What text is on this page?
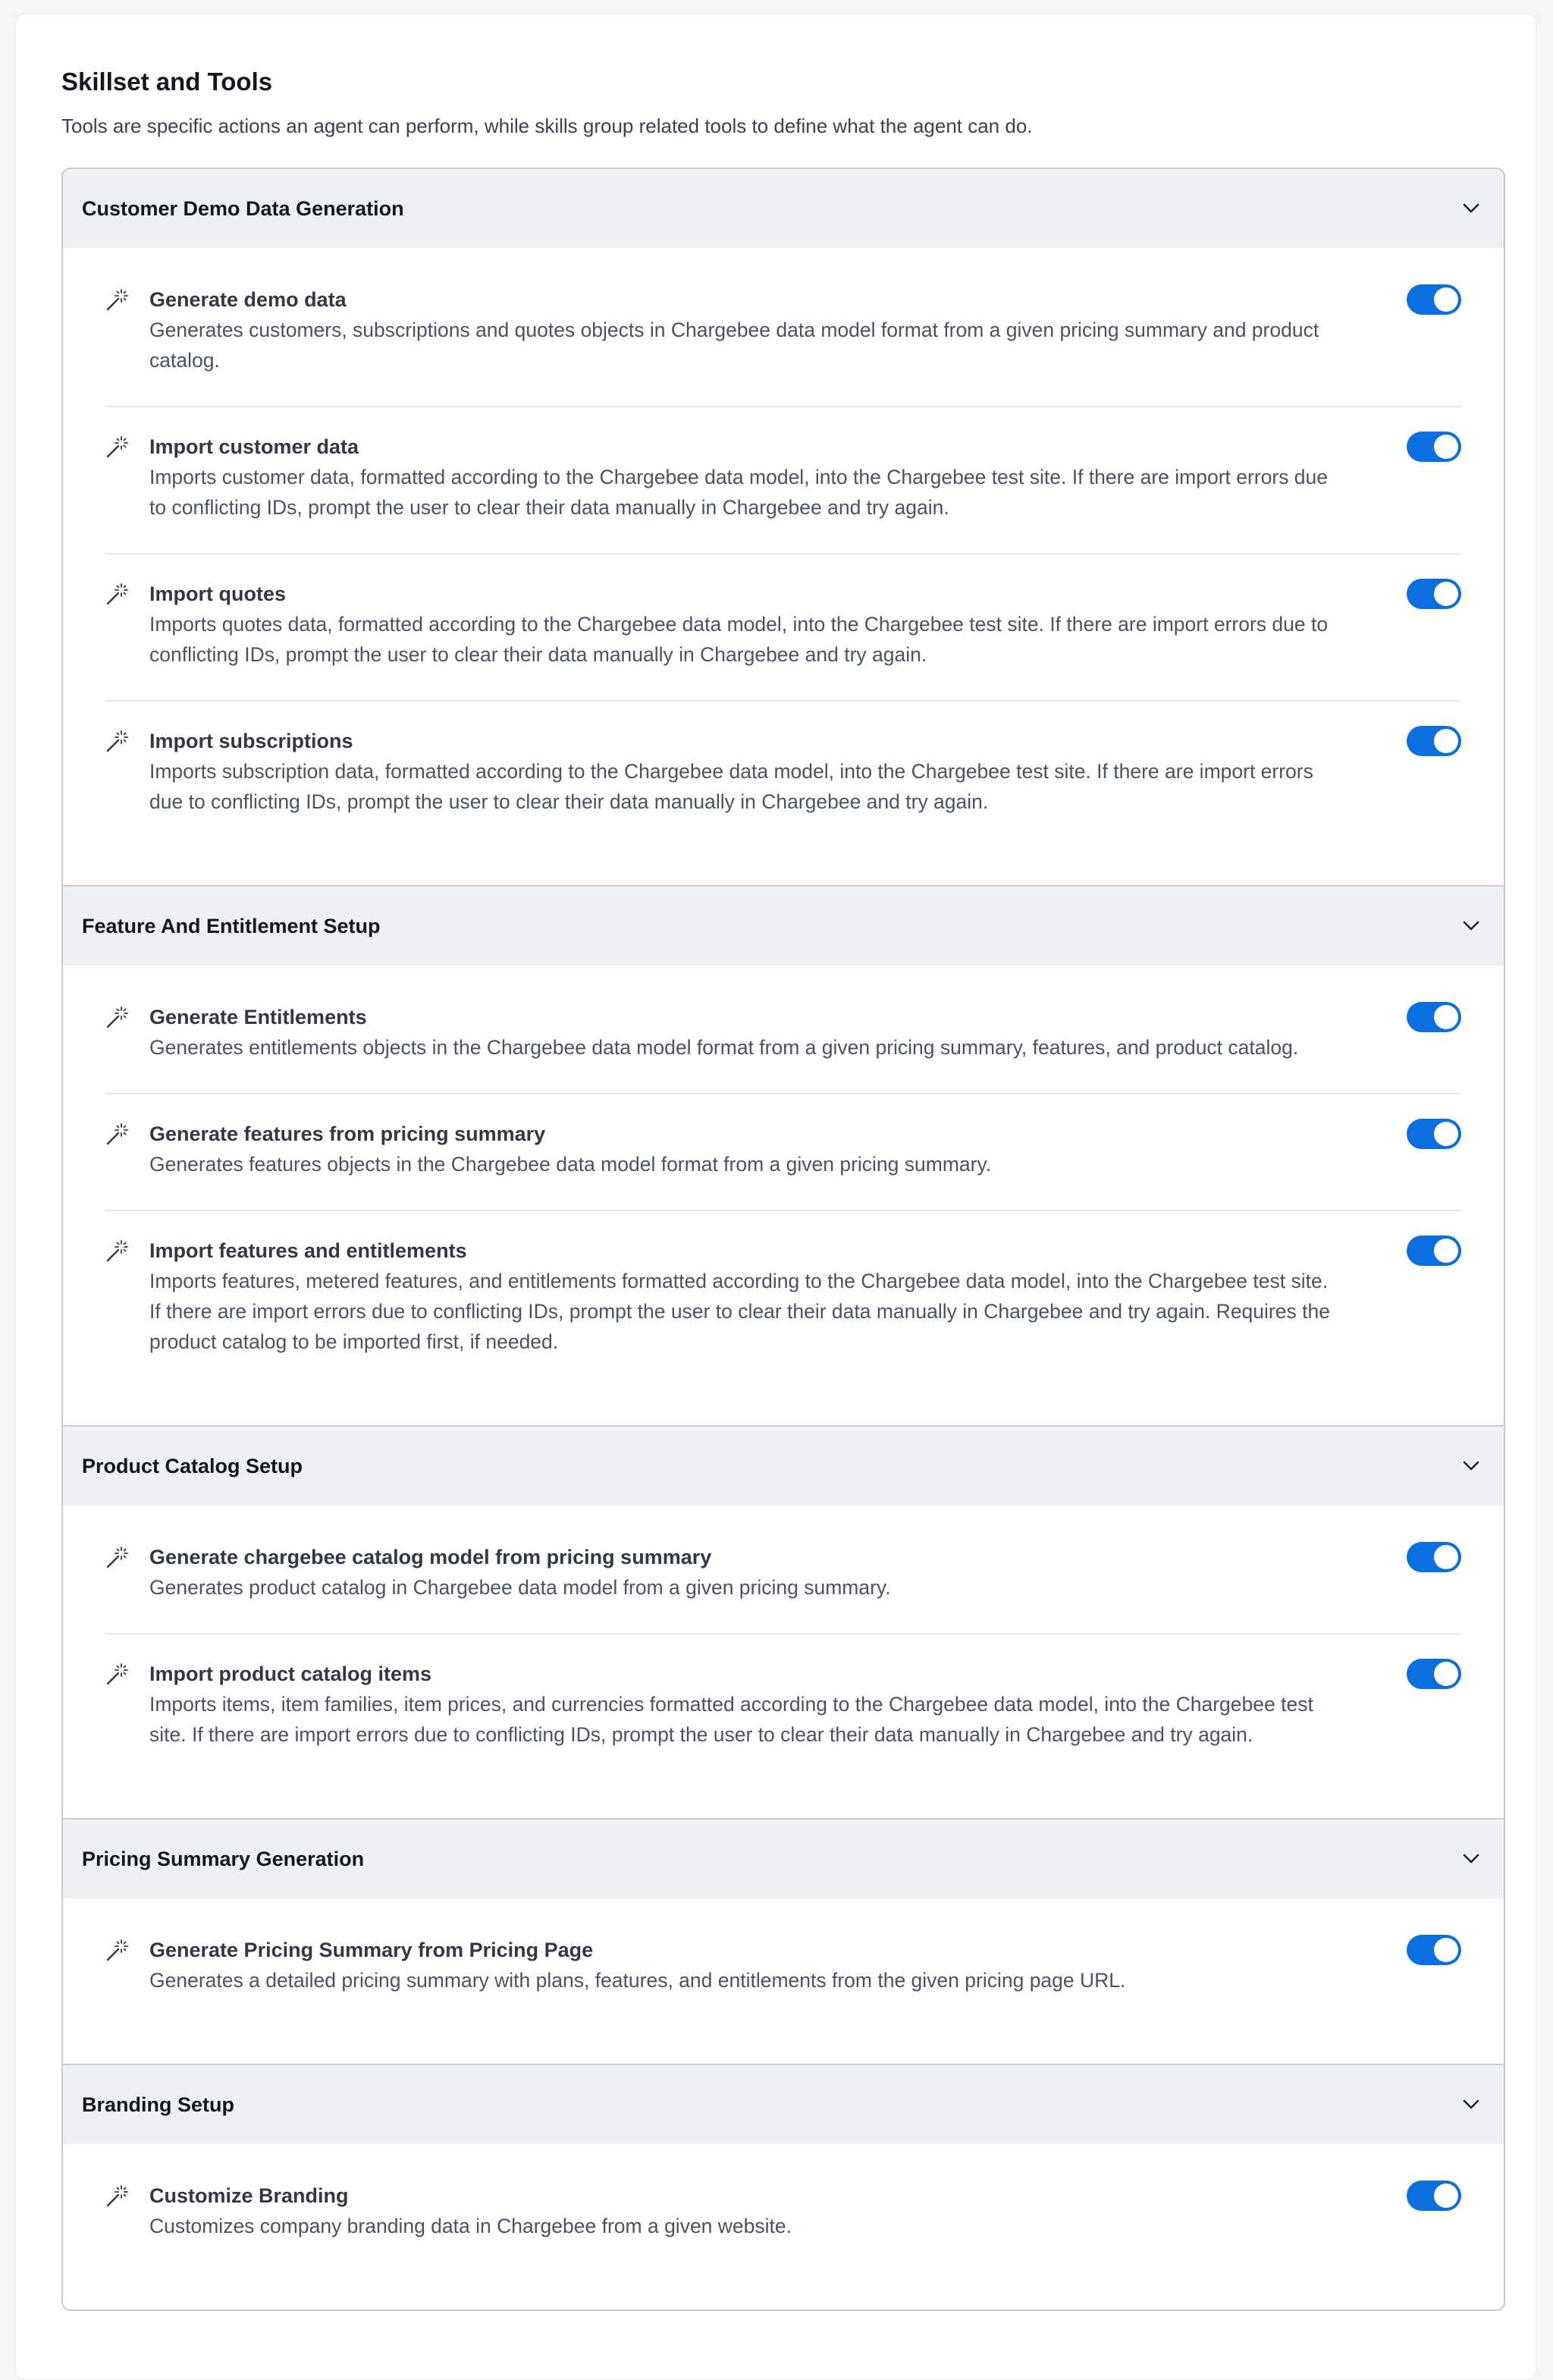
Skillset and Tools

Tools are specific actions an agent can perform, while skills group related tools to define what the agent can do.

Customer Demo Data Generation
Generate demo data
Generates customers, subscriptions and quotes objects in Chargebee data model format from a given pricing summary and product catalog.
Import customer data
Imports customer data, formatted according to the Chargebee data model, into the Chargebee test site. If there are import errors due to conflicting IDs, prompt the user to clear their data manually in Chargebee and try again.
Import quotes
Imports quotes data, formatted according to the Chargebee data model, into the Chargebee test site. If there are import errors due to conflicting IDs, prompt the user to clear their data manually in Chargebee and try again.
Import subscriptions
Imports subscription data, formatted according to the Chargebee data model, into the Chargebee test site. If there are import errors due to conflicting IDs, prompt the user to clear their data manually in Chargebee and try again.
Feature And Entitlement Setup
Generate Entitlements
Generates entitlements objects in the Chargebee data model format from a given pricing summary, features, and product catalog.
Generate features from pricing summary
Generates features objects in the Chargebee data model format from a given pricing summary.
Import features and entitlements
Imports features, metered features, and entitlements formatted according to the Chargebee data model, into the Chargebee test site. If there are import errors due to conflicting IDs, prompt the user to clear their data manually in Chargebee and try again. Requires the product catalog to be imported first, if needed.
Product Catalog Setup
Generate chargebee catalog model from pricing summary
Generates product catalog in Chargebee data model from a given pricing summary.
Import product catalog items
Imports items, item families, item prices, and currencies formatted according to the Chargebee data model, into the Chargebee test site. If there are import errors due to conflicting IDs, prompt the user to clear their data manually in Chargebee and try again.
Pricing Summary Generation
Generate Pricing Summary from Pricing Page
Generates a detailed pricing summary with plans, features, and entitlements from the given pricing page URL.
Branding Setup
Customize Branding
Customizes company branding data in Chargebee from a given website.
